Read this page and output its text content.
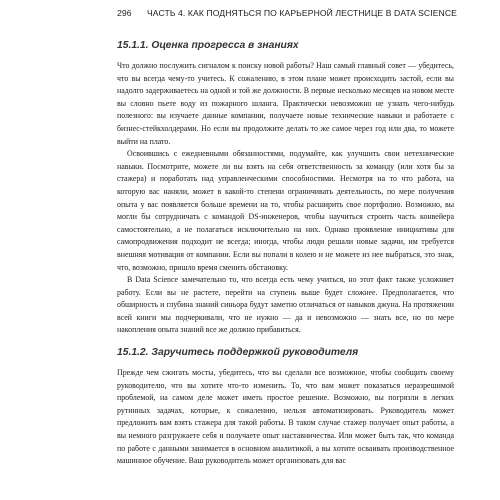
296	ЧАСТЬ 4. КАК ПОДНЯТЬСЯ ПО КАРЬЕРНОЙ ЛЕСТНИЦЕ В DATA SCIENCE
15.1.1. Оценка прогресса в знаниях

Что должно послужить сигналом к поиску новой работы? Наш самый главный совет — убедитесь, что вы всегда чему-то учитесь. К сожалению, в этом плане может происходить застой, если вы надолго задерживаетесь на одной и той же должности. В первые несколько месяцев на новом месте вы словно пьете воду из пожарного шланга. Практически невозможно не узнать чего-нибудь полезного: вы изучаете данные компании, получаете новые технические навыки и работаете с бизнес-стейкхолдерами. Но если вы продолжите делать то же самое через год или два, то можете выйти на плато.

Освоившись с ежедневными обязанностями, подумайте, как улучшить свои нетехнические навыки. Посмотрите, можете ли вы взять на себя ответственность за команду (или хотя бы за стажера) и поработать над управленческими способностями. Несмотря на то что работа, на которую вас наняли, может в какой-то степени ограничивать деятельность, по мере получения опыта у вас появляется больше времени на то, чтобы расширить свое портфолио. Возможно, вы могли бы сотрудничать с командой DS-инженеров, чтобы научиться строить часть конвейера самостоятельно, а не полагаться исключительно на них. Однако проявление инициативы для самопродвижения подходит не всегда; иногда, чтобы люди решали новые задачи, им требуется внешняя мотивация от компании. Если вы попали в колею и не можете из нее выбраться, это знак, что, возможно, пришло время сменить обстановку.

В Data Science замечательно то, что всегда есть чему учиться, но этот факт также усложняет работу. Если вы не растете, перейти на ступень выше будет сложнее. Предполагается, что обширность и глубина знаний синьора будут заметно отличаться от навыков джуна. На протяжении всей книги мы подчеркивали, что не нужно — да и невозможно — знать все, но по мере накопления опыта знаний все же должно прибавиться.

15.1.2. Заручитесь поддержкой руководителя

Прежде чем сжигать мосты, убедитесь, что вы сделали все возможное, чтобы сообщить своему руководителю, что вы хотите что-то изменить. То, что вам может показаться неразрешимой проблемой, на самом деле может иметь простое решение. Возможно, вы погрязли в легких рутинных задачах, которые, к сожалению, нельзя автоматизировать. Руководитель может предложить вам взять стажера для такой работы. В таком случае стажер получает опыт работы, а вы немного разгружаете себя и получаете опыт наставничества. Или может быть так, что команда по работе с данными занимается в основном аналитикой, а вы хотите осваивать производственное машинное обучение. Ваш руководитель может организовать для вас
